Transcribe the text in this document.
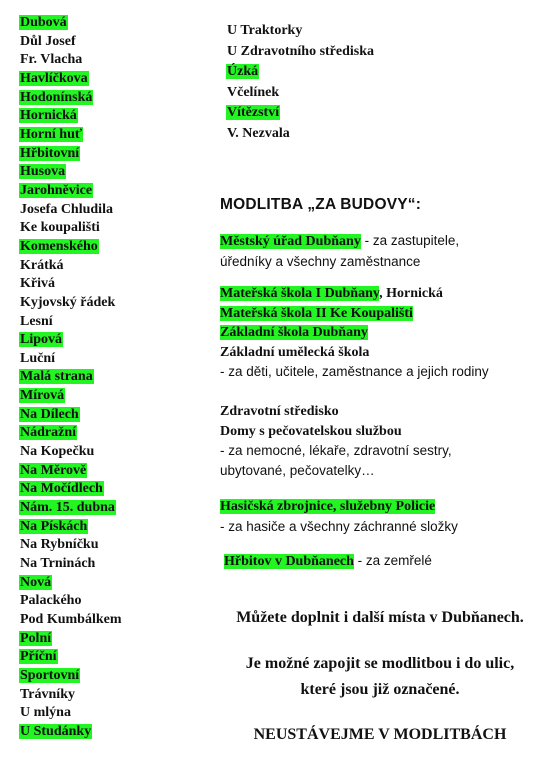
Dubová
Důl Josef
Fr. Vlacha
Havlíčkova
Hodonínská
Hornická
Horní huť
Hřbitovní
Husova
Jarohněvice
Josefa Chludila
Ke koupališti
Komenského
Krátká
Křivá
Kyjovský řádek
Lesní
Lipová
Luční
Malá strana
Mírová
Na Dílech
Nádražní
Na Kopečku
Na Měrově
Na Močídlech
Nám. 15. dubna
Na Pískách
Na Rybníčku
Na Trninách
Nová
Palackého
Pod Kumbálkem
Polní
Příční
Sportovní
Trávníky
U mlýna
U Studánky
U Traktorky
U Zdravotního střediska
Úzká
Včelínek
Vítězství
V. Nezvala
MODLITBA „ZA BUDOVY“:
Městský úřad Dubňany - za zastupitele,
úředníky a všechny zaměstnance
Mateřská škola I Dubňany, Hornická
Mateřská škola II Ke Koupališti
Základní škola Dubňany
Základní umělecká škola
- za děti, učitele, zaměstnance a jejich rodiny
Zdravotní středisko
Domy s pečovatelskou službou
- za nemocné, lékaře, zdravotní sestry,
ubytované, pečovatelky…
Hasičská zbrojnice, služebny Policie
- za hasiče a všechny záchranné složky
Hřbitov v Dubňanech - za zemřelé
Můžete doplnit i další místa v Dubňanech.
Je možné zapojit se modlitbou i do ulic,
které jsou již označené.
NEUSTÁVEJME V MODLITBÁCH
